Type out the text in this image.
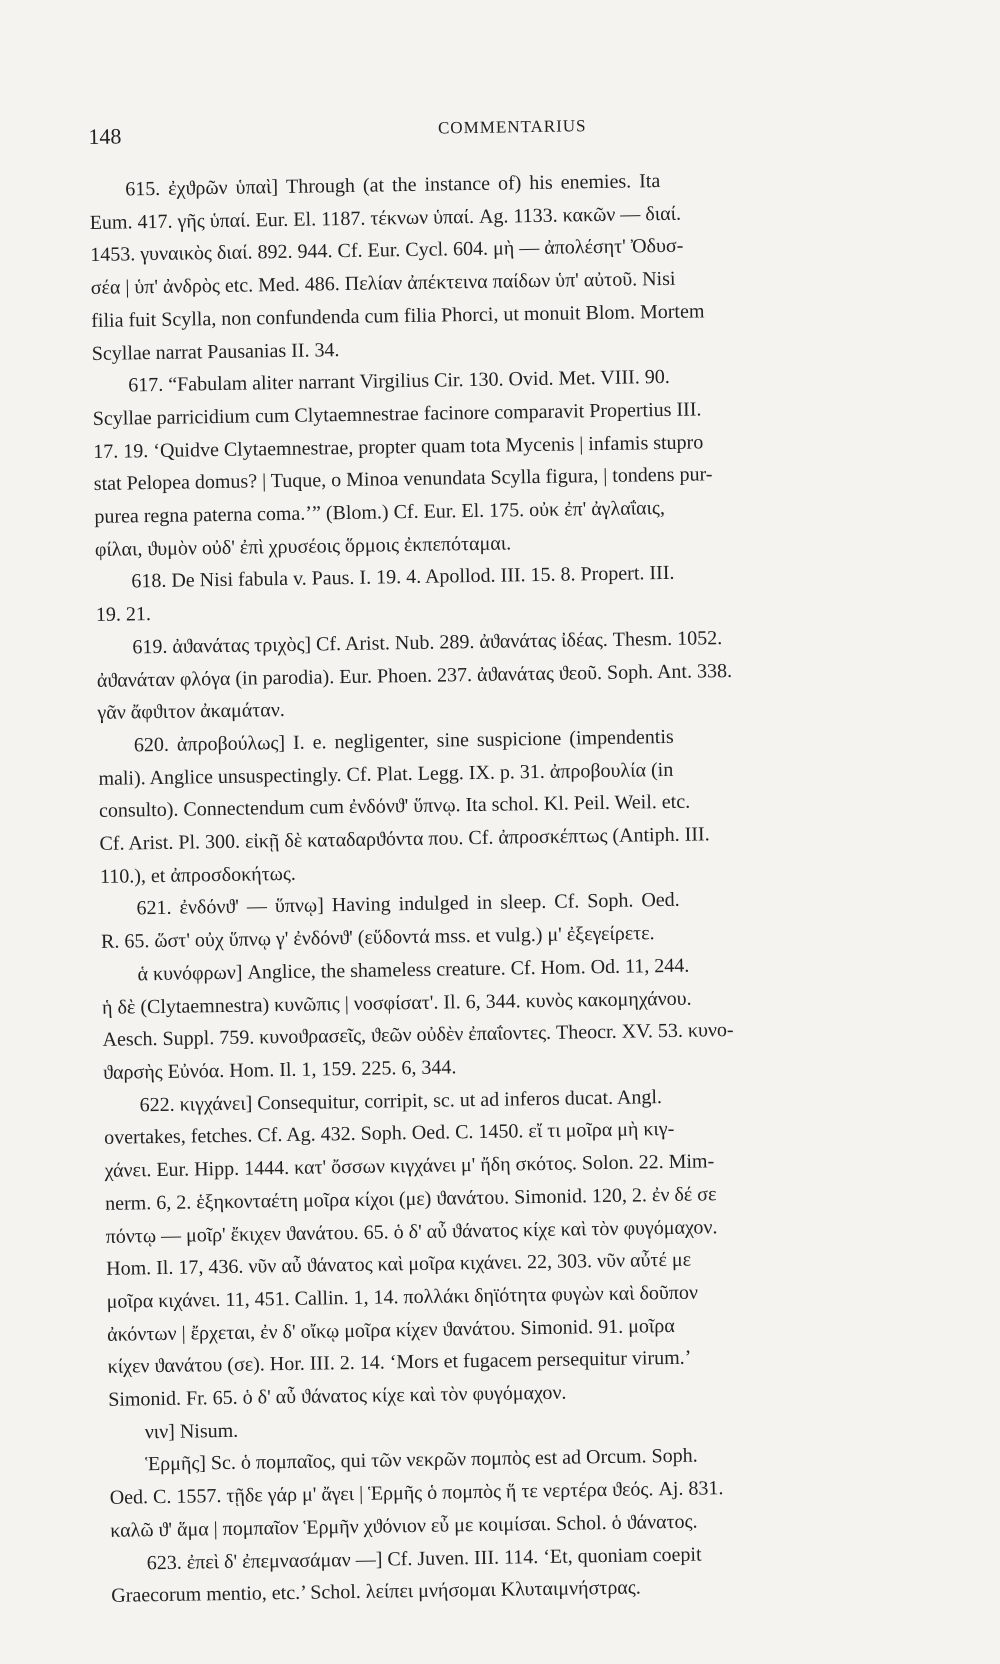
148	COMMENTARIUS
615. ἐχϑρῶν ὑπαὶ] Through (at the instance of) his enemies. Ita
Eum. 417. γῆς ὑπαί. Eur. El. 1187. τέκνων ὑπαί. Ag. 1133. κακῶν — διαί.
1453. γυναικὸς διαί. 892. 944. Cf. Eur. Cycl. 604. μὴ — ἀπολέσητ' Ὀδυσ-
σέα | ὑπ' ἀνδρὸς etc. Med. 486. Πελίαν ἀπέκτεινα παίδων ὑπ' αὐτοῦ. Nisi
filia fuit Scylla, non confundenda cum filia Phorci, ut monuit Blom. Mortem
Scyllae narrat Pausanias II. 34.
617. “Fabulam aliter narrant Virgilius Cir. 130. Ovid. Met. VIII. 90.
Scyllae parricidium cum Clytaemnestrae facinore comparavit Propertius III.
17. 19. ‘Quidve Clytaemnestrae, propter quam tota Mycenis | infamis stupro
stat Pelopea domus? | Tuque, o Minoa venundata Scylla figura, | tondens pur-
purea regna paterna coma.’” (Blom.) Cf. Eur. El. 175. οὐκ ἐπ' ἀγλαΐαις,
φίλαι, ϑυμὸν οὐδ' ἐπὶ χρυσέοις ὅρμοις ἐκπεπόταμαι.
618. De Nisi fabula v. Paus. I. 19. 4. Apollod. III. 15. 8. Propert. III.
19. 21.
619. ἀϑανάτας τριχὸς] Cf. Arist. Nub. 289. ἀϑανάτας ἰδέας. Thesm. 1052.
ἀϑανάταν φλόγα (in parodia). Eur. Phoen. 237. ἀϑανάτας ϑεοῦ. Soph. Ant. 338.
γᾶν ἄφϑιτον ἀκαμάταν.
620. ἀπροβούλως] I. e. negligenter, sine suspicione (impendentis
mali). Anglice unsuspectingly. Cf. Plat. Legg. IX. p. 31. ἀπροβουλία (in
consulto). Connectendum cum ἐνδόνϑ' ὕπνῳ. Ita schol. Kl. Peil. Weil. etc.
Cf. Arist. Pl. 300. εἰκῇ δὲ καταδαρϑόντα που. Cf. ἀπροσκέπτως (Antiph. III.
110.), et ἀπροσδοκήτως.
621. ἐνδόνϑ' — ὕπνῳ] Having indulged in sleep. Cf. Soph. Oed.
R. 65. ὥστ' οὐχ ὕπνῳ γ' ἐνδόνϑ' (εὕδοντά mss. et vulg.) μ' ἐξεγείρετε.
ἁ κυνόφρων] Anglice, the shameless creature. Cf. Hom. Od. 11, 244.
ἡ δὲ (Clytaemnestra) κυνῶπις | νοσφίσατ'. Il. 6, 344. κυνὸς κακομηχάνου.
Aesch. Suppl. 759. κυνοϑρασεῖς, ϑεῶν οὐδὲν ἐπαΐοντες. Theocr. XV. 53. κυνο-
ϑαρσὴς Εὐνόα. Hom. Il. 1, 159. 225. 6, 344.
622. κιγχάνει] Consequitur, corripit, sc. ut ad inferos ducat. Angl.
overtakes, fetches. Cf. Ag. 432. Soph. Oed. C. 1450. εἴ τι μοῖρα μὴ κιγ-
χάνει. Eur. Hipp. 1444. κατ' ὄσσων κιγχάνει μ' ἤδη σκότος. Solon. 22. Mim-
nerm. 6, 2. ἑξηκονταέτη μοῖρα κίχοι (με) ϑανάτου. Simonid. 120, 2. ἐν δέ σε
πόντῳ — μοῖρ' ἔκιχεν ϑανάτου. 65. ὁ δ' αὖ ϑάνατος κίχε καὶ τὸν φυγόμαχον.
Hom. Il. 17, 436. νῦν αὖ ϑάνατος καὶ μοῖρα κιχάνει. 22, 303. νῦν αὖτέ με
μοῖρα κιχάνει. 11, 451. Callin. 1, 14. πολλάκι δηϊότητα φυγὼν καὶ δοῦπον
ἀκόντων | ἔρχεται, ἐν δ' οἴκῳ μοῖρα κίχεν ϑανάτου. Simonid. 91. μοῖρα
κίχεν ϑανάτου (σε). Hor. III. 2. 14. ‘Mors et fugacem persequitur virum.’
Simonid. Fr. 65. ὁ δ' αὖ ϑάνατος κίχε καὶ τὸν φυγόμαχον.
νιν] Nisum.
Ἑρμῆς] Sc. ὁ πομπαῖος, qui τῶν νεκρῶν πομπὸς est ad Orcum. Soph.
Oed. C. 1557. τῇδε γάρ μ' ἄγει | Ἑρμῆς ὁ πομπὸς ἥ τε νερτέρα ϑεός. Aj. 831.
καλῶ ϑ' ἅμα | πομπαῖον Ἑρμῆν χϑόνιον εὖ με κοιμίσαι. Schol. ὁ ϑάνατος.
623. ἐπεὶ δ' ἐπεμνασάμαν —] Cf. Juven. III. 114. ‘Et, quoniam coepit
Graecorum mentio, etc.’ Schol. λείπει μνήσομαι Κλυταιμνήστρας.
